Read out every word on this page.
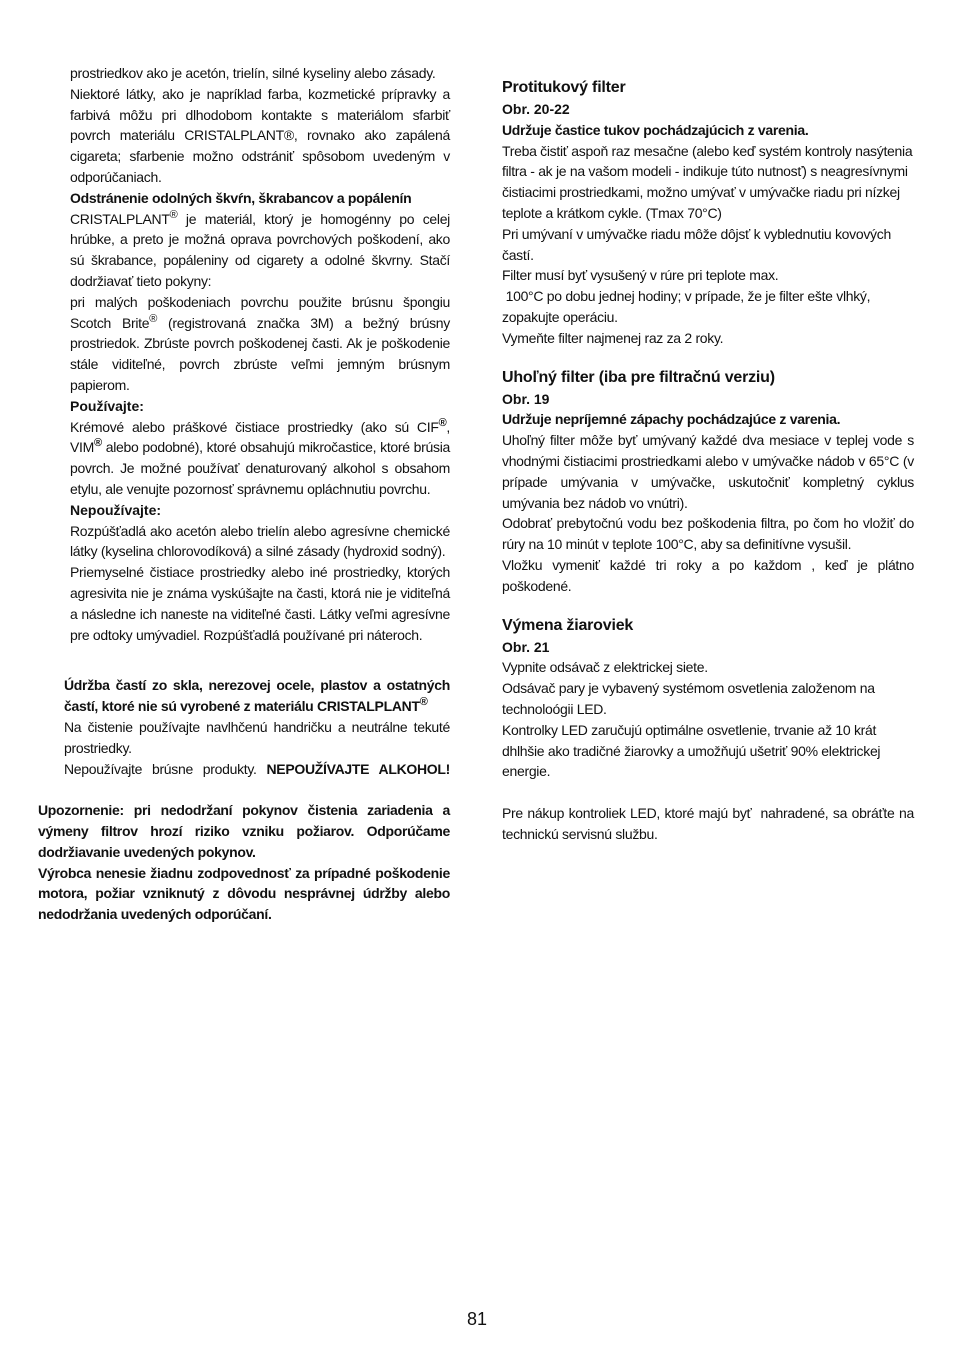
prostriedkov ako je acetón, trielín, silné kyseliny alebo zásady.

Niektoré látky, ako je napríklad farba, kozmetické prípravky a farbivá môžu pri dlhodobom kontakte s materiálom sfarbiť povrch materiálu CRISTALPLANT®, rovnako ako zapálená cigareta; sfarbenie možno odstrániť spôsobom uvedeným v odporúčaniach.

Odstránenie odolných škvŕn, škrabancov a popálenín

CRISTALPLANT® je materiál, ktorý je homogénny po celej hrúbke, a preto je možná oprava povrchových poškodení, ako sú škrabance, popáleniny od cigarety a odolné škvrny. Stačí dodržiavať tieto pokyny:

pri malých poškodeniach povrchu použite brúsnu špongiu Scotch Brite® (registrovaná značka 3M) a bežný brúsny prostriedok. Zbrúste povrch poškodenej časti. Ak je poškodenie stále viditeľné, povrch zbrúste veľmi jemným brúsnym papierom.

Používajte:

Krémové alebo práškové čistiace prostriedky (ako sú CIF®, VIM® alebo podobné), ktoré obsahujú mikročastice, ktoré brúsia povrch. Je možné používať denaturovaný alkohol s obsahom etylu, ale venujte pozornosť správnemu opláchnutiu povrchu.

Nepoužívajte:

Rozpúšťadlá ako acetón alebo trielín alebo agresívne chemické látky (kyselina chlorovodíková) a silné zásady (hydroxid sodný).

Priemyselné čistiace prostriedky alebo iné prostriedky, ktorých agresivita nie je známa vyskúšajte na časti, ktorá nie je viditeľná a následne ich naneste na viditeľné časti. Látky veľmi agresívne pre odtoky umývadiel. Rozpúšťadlá používané pri náteroch.

Údržba častí zo skla, nerezovej ocele, plastov a ostatných častí, ktoré nie sú vyrobené z materiálu CRISTALPLANT®

Na čistenie používajte navlhčenú handričku a neutrálne tekuté prostriedky.

Nepoužívajte brúsne produkty. NEPOUŽÍVAJTE ALKOHOL!

Upozornenie: pri nedodržaní pokynov čistenia zariadenia a výmeny filtrov hrozí riziko vzniku požiarov. Odporúčame dodržiavanie uvedených pokynov.

Výrobca nenesie žiadnu zodpovednosť za prípadné poškodenie motora, požiar vzniknutý z dôvodu nesprávnej údržby alebo nedodržania uvedených odporúčaní.

Protitukový filter

Obr. 20-22

Udržuje častice tukov pochádzajúcich z varenia.

Treba čistiť aspoň raz mesačne (alebo keď systém kontroly nasýtenia filtra - ak je na vašom modeli - indikuje túto nutnosť) s neagresívnymi čistiacimi prostriedkami, možno umývať v umývačke riadu pri nízkej teplote a krátkom cykle. (Tmax 70°C)

Pri umývaní v umývačke riadu môže dôjsť k vyblednutiu kovových častí.

Filter musí byť vysušený v rúre pri teplote max.

100°C po dobu jednej hodiny; v prípade, že je filter ešte vlhký, zopakujte operáciu.

Vymeňte filter najmenej raz za 2 roky.

Uhoľný filter (iba pre filtračnú verziu)

Obr. 19

Udržuje nepríjemné zápachy pochádzajúce z varenia.

Uhoľný filter môže byť umývaný každé dva mesiace v teplej vode s vhodnými čistiacimi prostriedkami alebo v umývačke nádob v 65°C (v prípade umývania v umývačke, uskutočniť kompletný cyklus umývania bez nádob vo vnútri).

Odobrať prebytočnú vodu bez poškodenia filtra, po čom ho vložiť do rúry na 10 minút v teplote 100°C, aby sa definitívne vysušil.

Vložku vymeniť každé tri roky a po každom , keď je plátno poškodené.

Výmena žiaroviek

Obr. 21

Vypnite odsávač z elektrickej siete.

Odsávač pary je vybavený systémom osvetlenia založenom na technoloógii LED.

Kontrolky LED zaručujú optimálne osvetlenie, trvanie až 10 krát dhlhšie ako tradičné žiarovky a umožňujú ušetriť 90% elektrickej energie.

Pre nákup kontroliek LED, ktoré majú byť  nahradené, sa obráťte na technickú servisnú službu.

81
